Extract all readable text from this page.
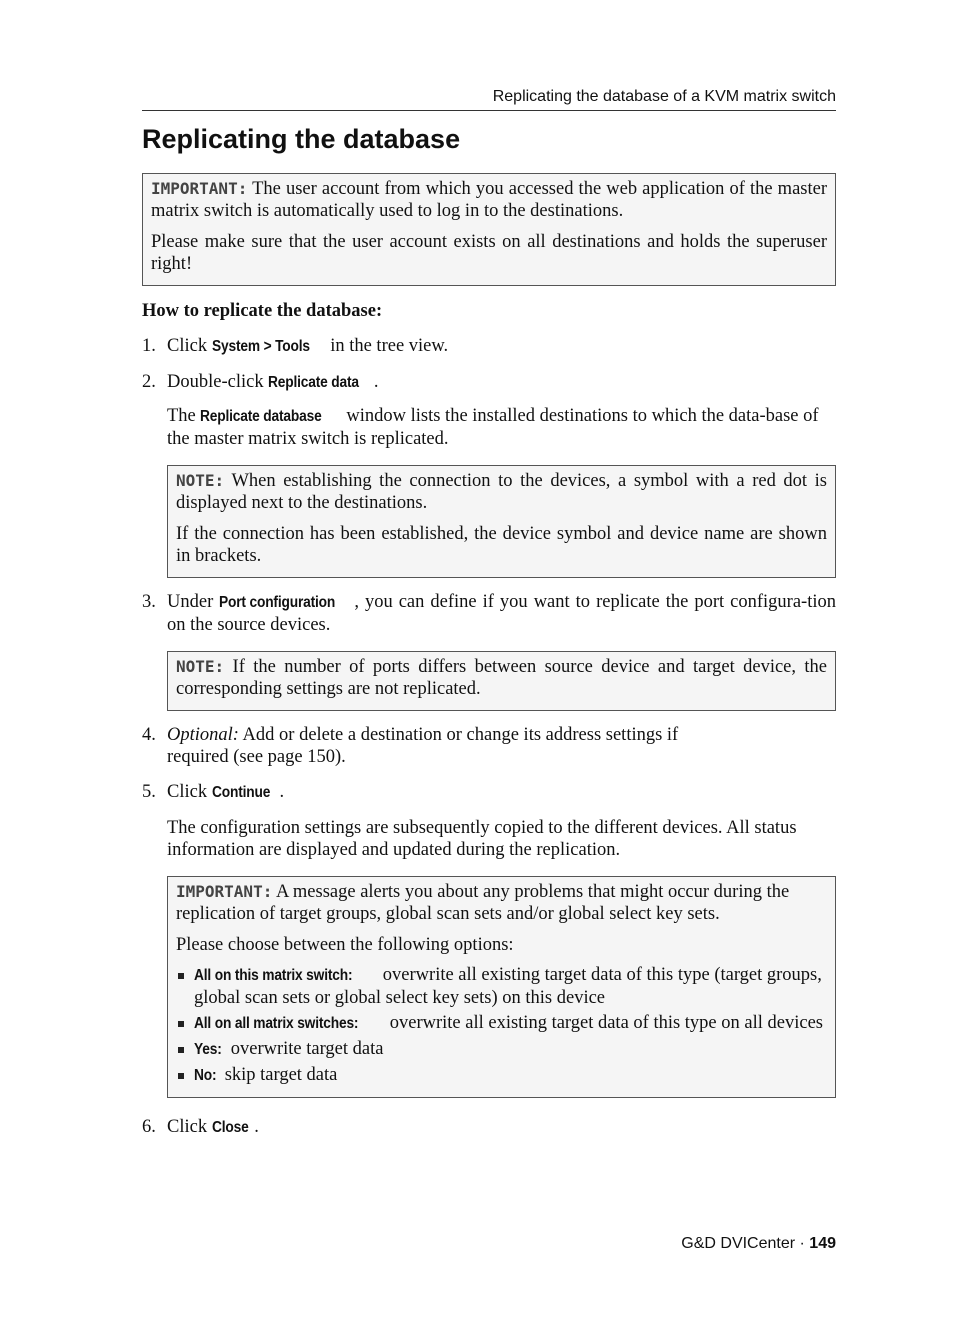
Replicating the database of a KVM matrix switch
Replicating the database

IMPORTANT: The user account from which you accessed the web application of the master matrix switch is automatically used to log in to the destinations.

Please make sure that the user account exists on all destinations and holds the superuser right!

How to replicate the database:

1. Click System > Tools in the tree view.

2. Double-click Replicate data .

The Replicate database window lists the installed destinations to which the data-base of the master matrix switch is replicated.

NOTE: When establishing the connection to the devices, a symbol with a red dot is displayed next to the destinations.

If the connection has been established, the device symbol and device name are shown in brackets.

3. Under Port configuration , you can define if you want to replicate the port configura-tion on the source devices.

NOTE: If the number of ports differs between source device and target device, the corresponding settings are not replicated.

4. Optional: Add or delete a destination or change its address settings if required (see page 150).

5. Click Continue .

The configuration settings are subsequently copied to the different devices. All status information are displayed and updated during the replication.

IMPORTANT: A message alerts you about any problems that might occur during the replication of target groups, global scan sets and/or global select key sets.

Please choose between the following options:

All on this matrix switch: overwrite all existing target data of this type (target groups, global scan sets or global select key sets) on this device
All on all matrix switches: overwrite all existing target data of this type on all devices
Yes: overwrite target data
No: skip target data

6. Click Close .

G&D DVICenter · 149
